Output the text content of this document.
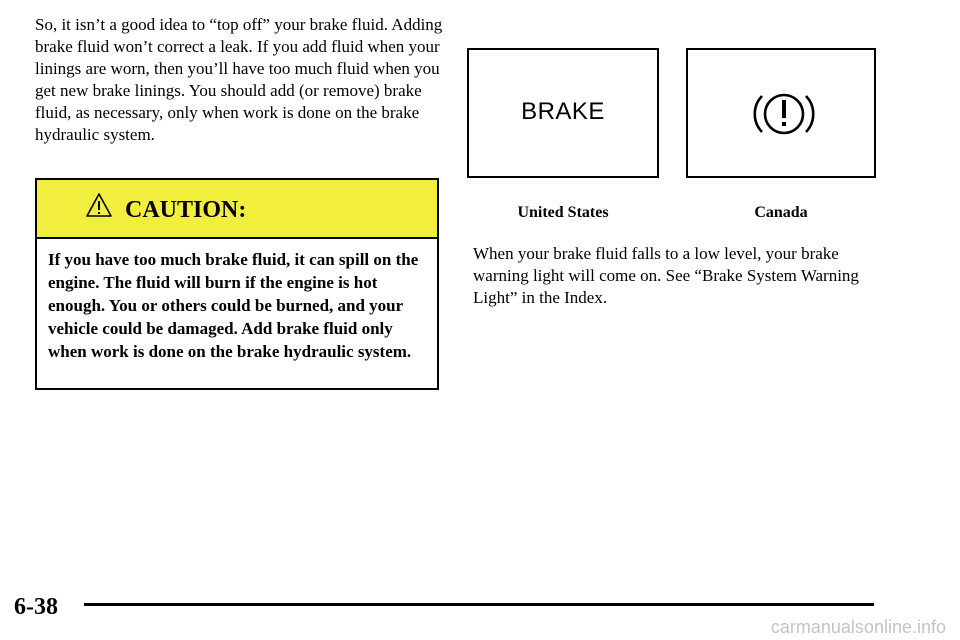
So, it isn’t a good idea to “top off” your brake fluid. Adding brake fluid won’t correct a leak. If you add fluid when your linings are worn, then you’ll have too much fluid when you get new brake linings. You should add (or remove) brake fluid, as necessary, only when work is done on the brake hydraulic system.

CAUTION:

If you have too much brake fluid, it can spill on the engine. The fluid will burn if the engine is hot enough. You or others could be burned, and your vehicle could be damaged. Add brake fluid only when work is done on the brake hydraulic system.

BRAKE
United States	Canada

When your brake fluid falls to a low level, your brake warning light will come on. See “Brake System Warning Light” in the Index.

6-38
carmanualsonline.info
